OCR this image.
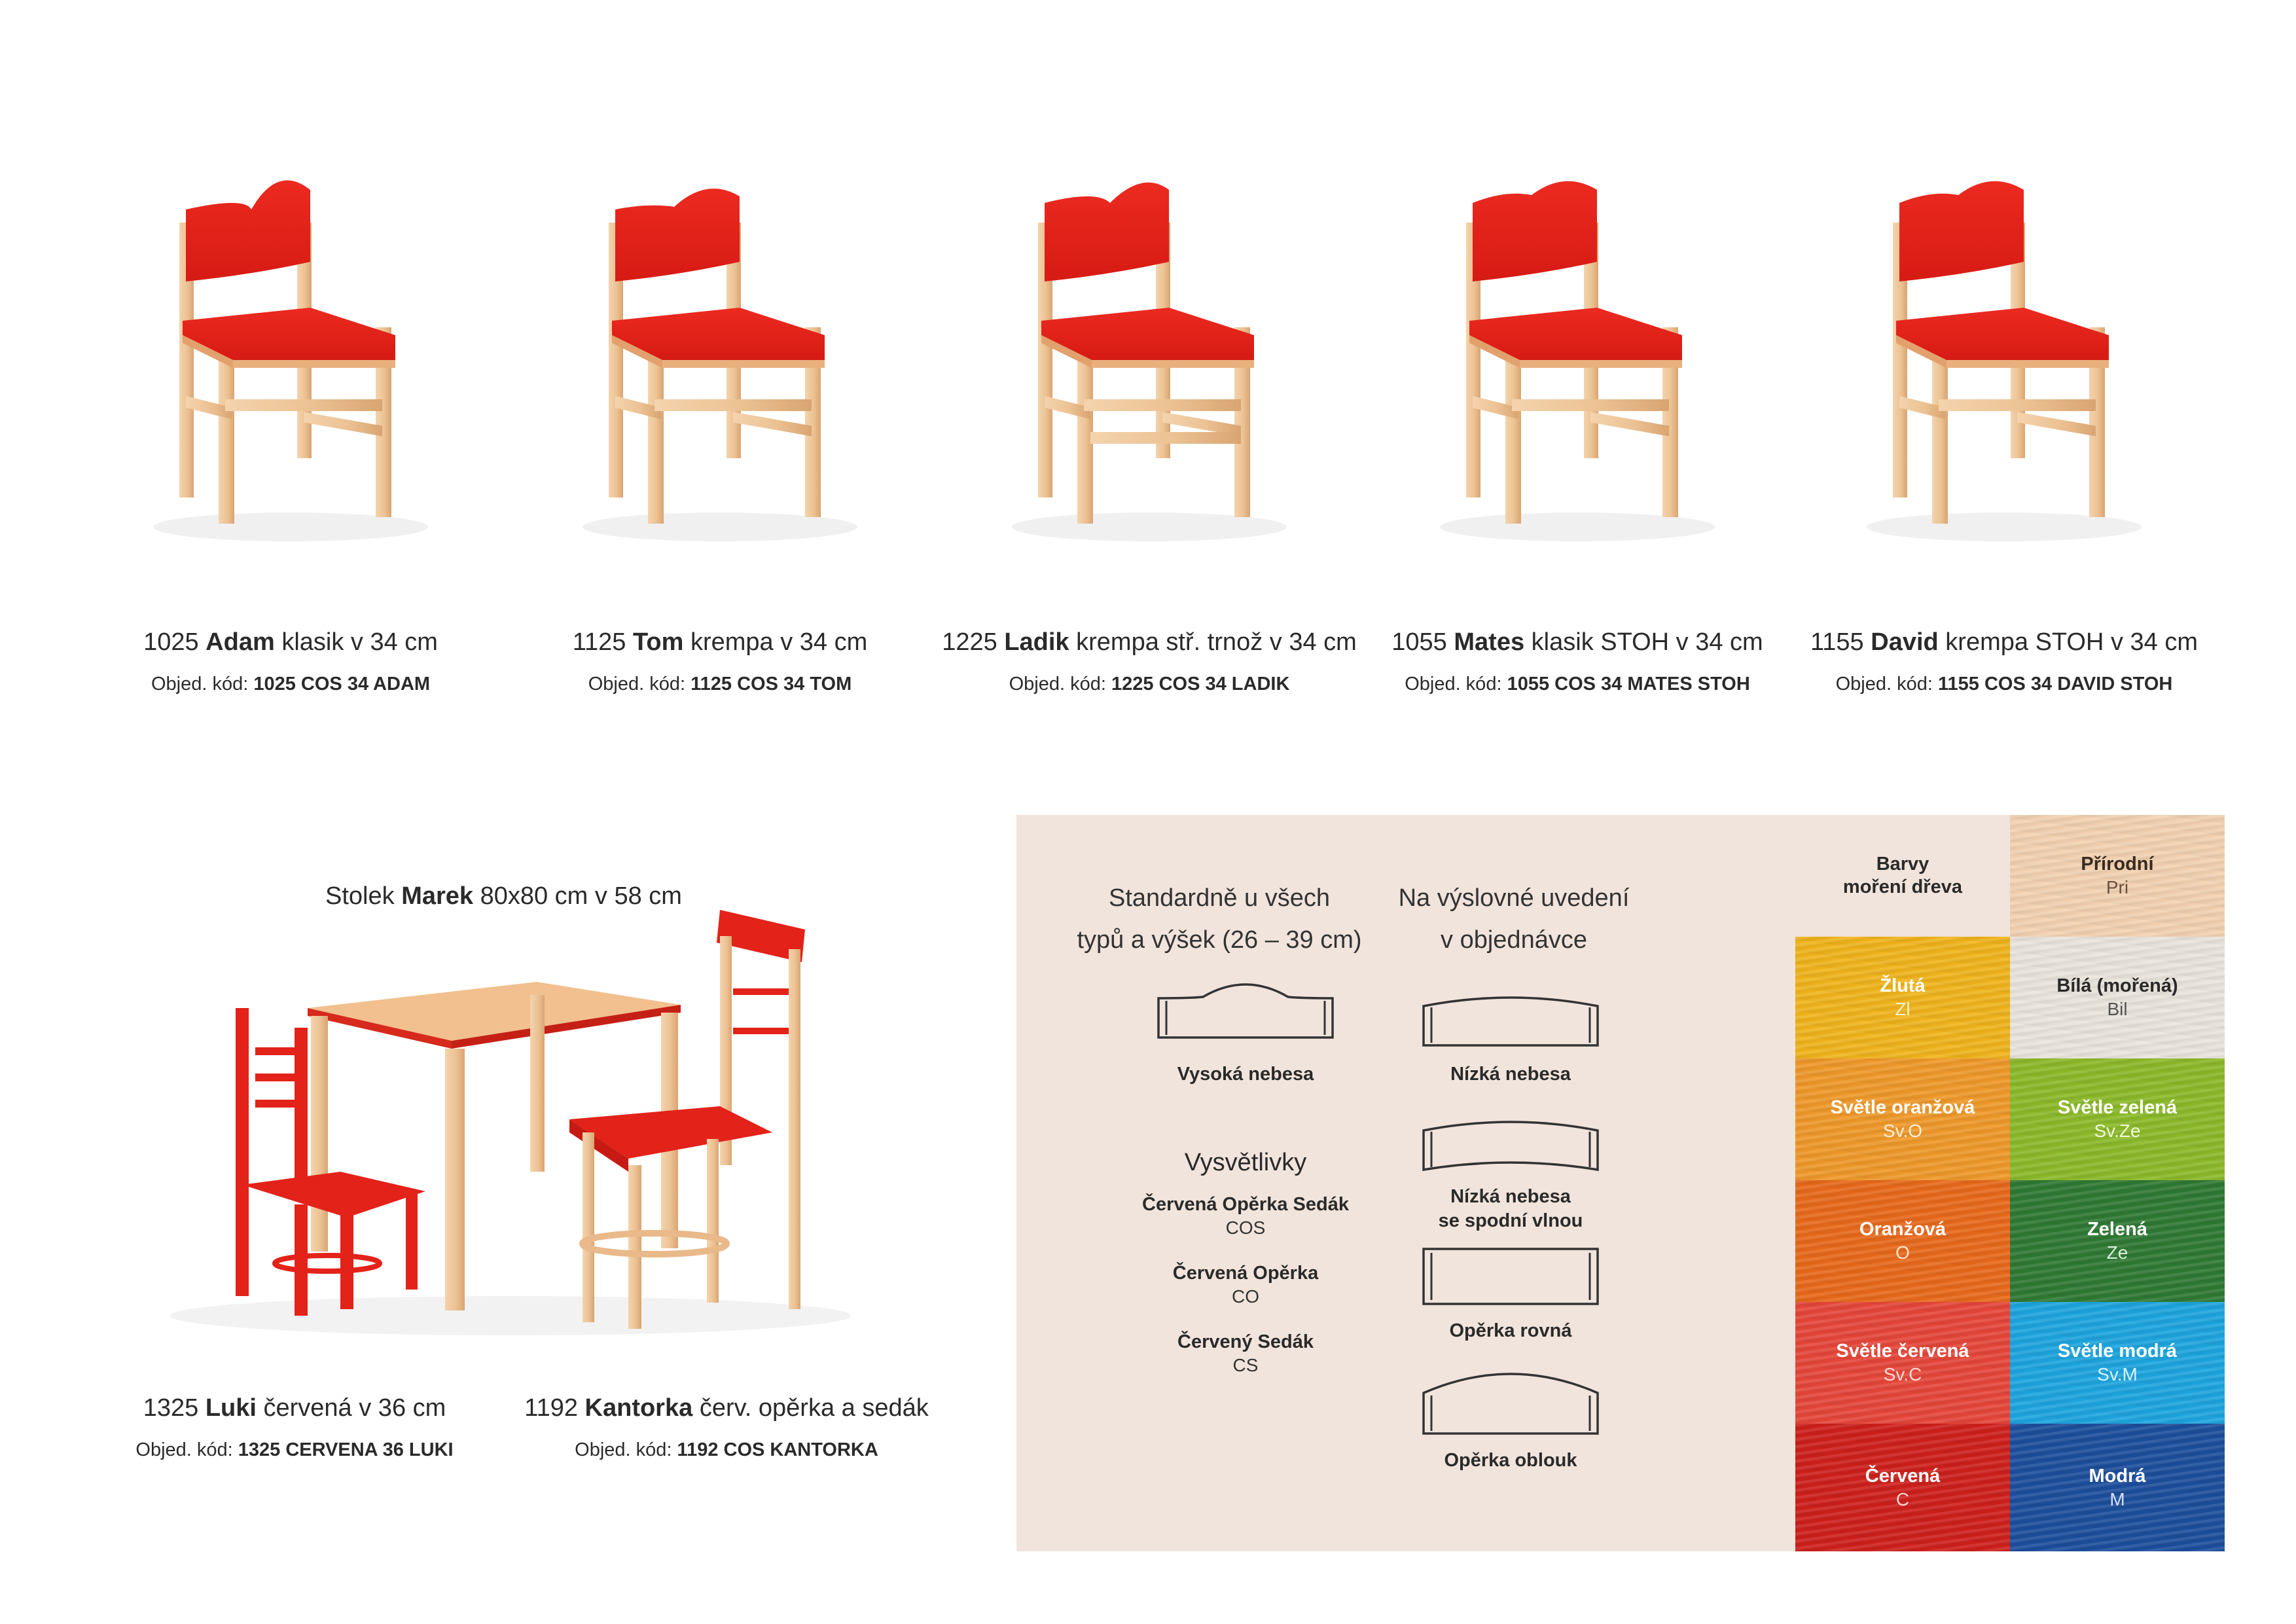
1025 Adam klasik v 34 cm
Objed. kód: 1025 COS 34 ADAM
1125 Tom krempa v 34 cm
Objed. kód: 1125 COS 34 TOM
1225 Ladik krempa stř. trnož v 34 cm
Objed. kód: 1225 COS 34 LADIK
1055 Mates klasik STOH v 34 cm
Objed. kód: 1055 COS 34 MATES STOH
1155 David krempa STOH v 34 cm
Objed. kód: 1155 COS 34 DAVID STOH
Stolek Marek 80x80 cm v 58 cm
1325 Luki červená v 36 cm
Objed. kód: 1325 CERVENA 36 LUKI
1192 Kantorka červ. opěrka a sedák
Objed. kód: 1192 COS KANTORKA
Standardně u všech
typů a výšek (26 – 39 cm)
Vysoká nebesa
Vysvětlivky
Červená Opěrka Sedák
COS
Červená Opěrka
CO
Červený Sedák
CS
Na výslovné uvedení
v objednávce
Nízká nebesa
Nízká nebesa
se spodní vlnou
Opěrka rovná
Opěrka oblouk
Barvy
moření dřeva
Přírodní
Pri
Žlutá
Zl
Bílá (mořená)
Bil
Světle oranžová
Sv.O
Světle zelená
Sv.Ze
Oranžová
O
Zelená
Ze
Světle červená
Sv.C
Světle modrá
Sv.M
Červená
C
Modrá
M
